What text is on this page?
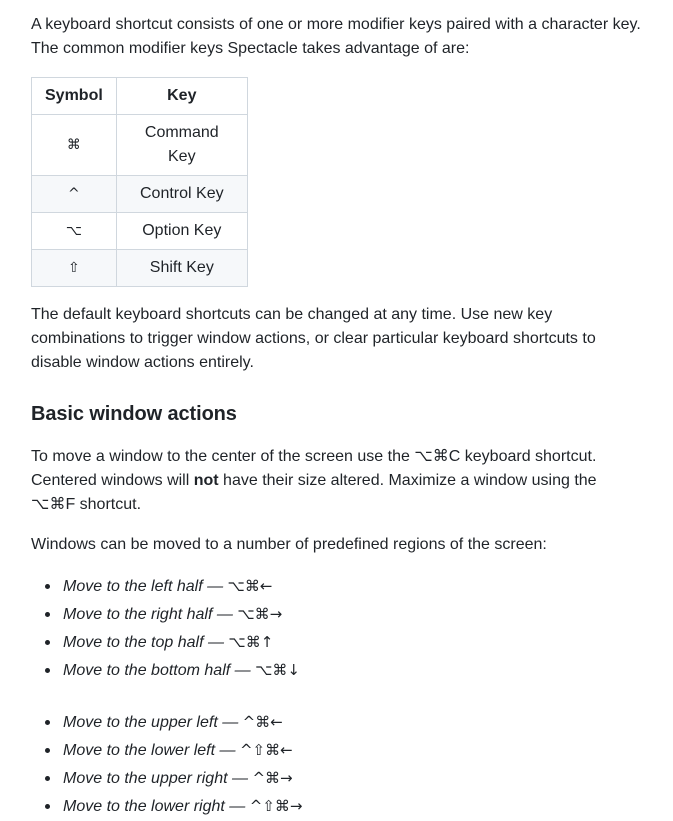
A keyboard shortcut consists of one or more modifier keys paired with a character key. The common modifier keys Spectacle takes advantage of are:

Symbol	Key
⌘	Command Key
^	Control Key
⌥	Option Key
⇧	Shift Key

The default keyboard shortcuts can be changed at any time. Use new key combinations to trigger window actions, or clear particular keyboard shortcuts to disable window actions entirely.

Basic window actions

To move a window to the center of the screen use the ⌥⌘C keyboard shortcut. Centered windows will not have their size altered. Maximize a window using the ⌥⌘F shortcut.

Windows can be moved to a number of predefined regions of the screen:

Move to the left half — ⌥⌘←
Move to the right half — ⌥⌘→
Move to the top half — ⌥⌘↑
Move to the bottom half — ⌥⌘↓
Move to the upper left — ^⌘←
Move to the lower left — ^⇧⌘←
Move to the upper right — ^⌘→
Move to the lower right — ^⇧⌘→
